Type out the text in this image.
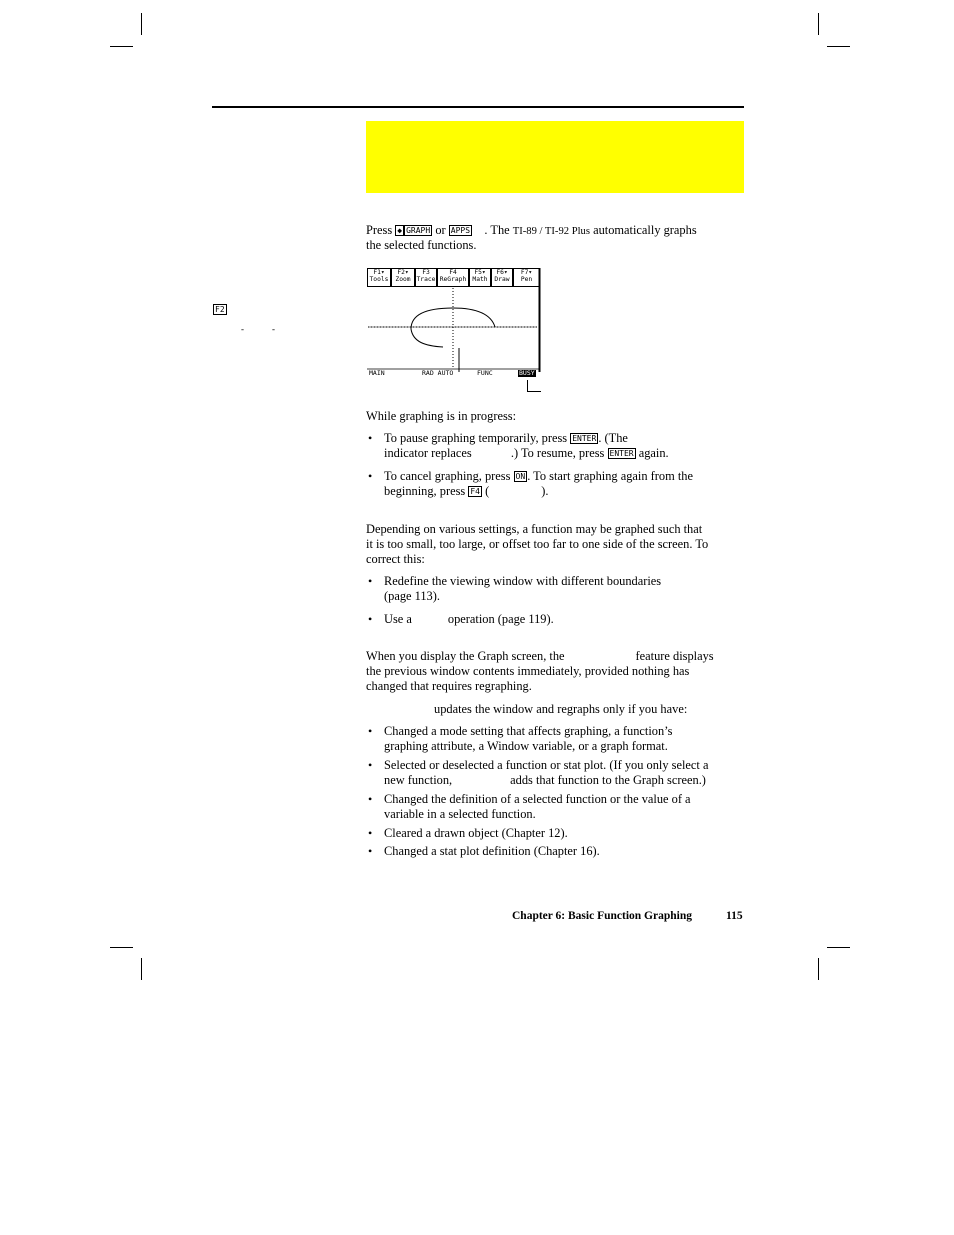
Press ◆ GRAPH or APPS . The TI-89 / TI-92 Plus automatically graphs
the selected functions.
F2
-	-
F1▾
Tools
F2▾
Zoom
F3
Trace
F4
ReGraph
F5▾
Math
F6▾
Draw
F7▾
Pen
MAIN	RAD AUTO	FUNC	BUSY
While graphing is in progress:
• To pause graphing temporarily, press ENTER . (The
indicator replaces	.) To resume, press ENTER again.
• To cancel graphing, press ON . To start graphing again from the
beginning, press F4 (	).
Depending on various settings, a function may be graphed such that
it is too small, too large, or offset too far to one side of the screen. To
correct this:
• Redefine the viewing window with different boundaries
(page 113).
• Use a	operation (page 119).
When you display the Graph screen, the	feature displays
the previous window contents immediately, provided nothing has
changed that requires regraphing.
updates the window and regraphs only if you have:
• Changed a mode setting that affects graphing, a function’s
graphing attribute, a Window variable, or a graph format.
• Selected or deselected a function or stat plot. (If you only select a
new function,	adds that function to the Graph screen.)
• Changed the definition of a selected function or the value of a
variable in a selected function.
• Cleared a drawn object (Chapter 12).
• Changed a stat plot definition (Chapter 16).
Chapter 6: Basic Function Graphing	115
